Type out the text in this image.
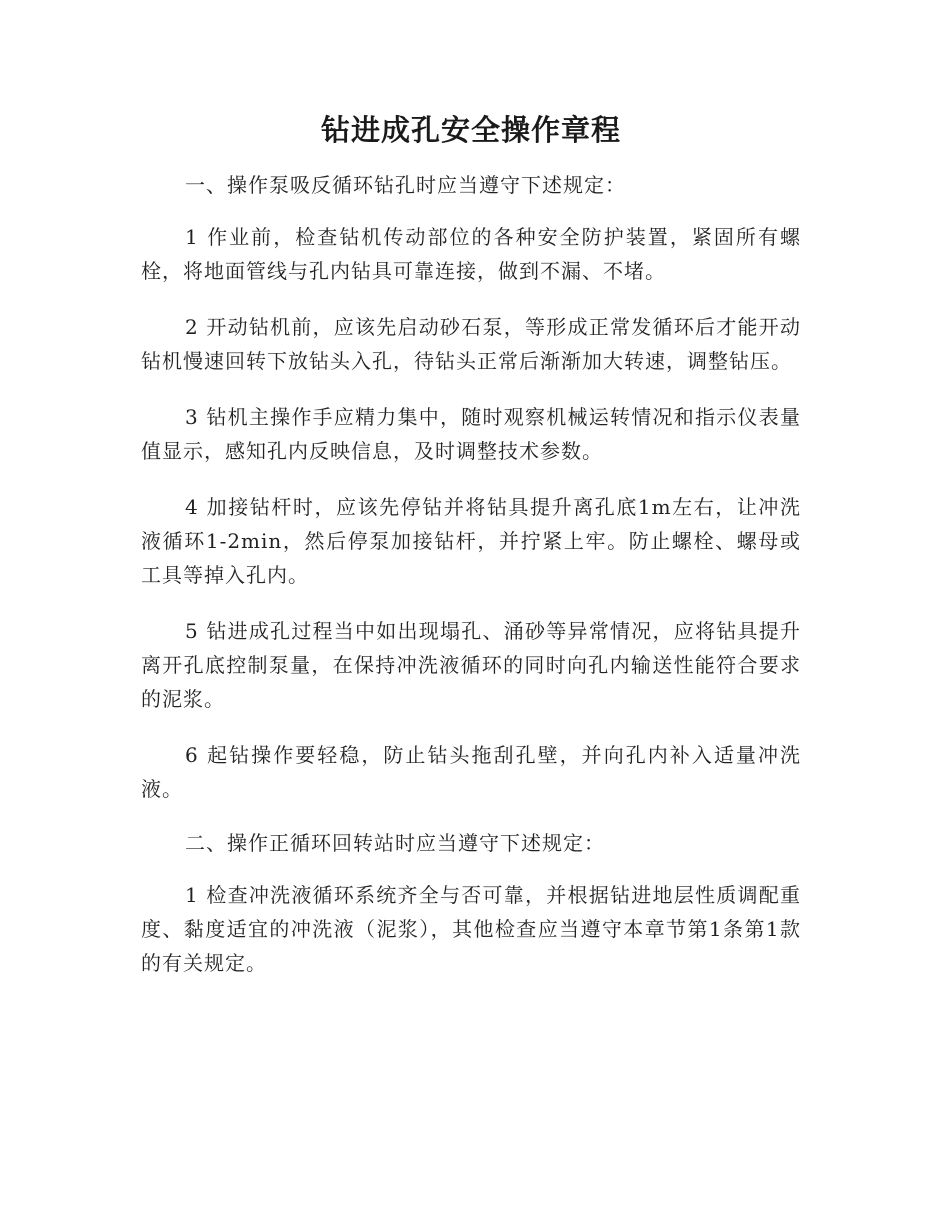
钻进成孔安全操作章程

一、操作泵吸反循环钻孔时应当遵守下述规定：

1 作业前，检查钻机传动部位的各种安全防护装置，紧固所有螺栓，将地面管线与孔内钻具可靠连接，做到不漏、不堵。

2 开动钻机前，应该先启动砂石泵，等形成正常发循环后才能开动钻机慢速回转下放钻头入孔，待钻头正常后渐渐加大转速，调整钻压。

3 钻机主操作手应精力集中，随时观察机械运转情况和指示仪表量值显示，感知孔内反映信息，及时调整技术参数。

4 加接钻杆时，应该先停钻并将钻具提升离孔底1m左右，让冲洗液循环1-2min，然后停泵加接钻杆，并拧紧上牢。防止螺栓、螺母或工具等掉入孔内。

5 钻进成孔过程当中如出现塌孔、涌砂等异常情况，应将钻具提升离开孔底控制泵量，在保持冲洗液循环的同时向孔内输送性能符合要求的泥浆。

6 起钻操作要轻稳，防止钻头拖刮孔壁，并向孔内补入适量冲洗液。

二、操作正循环回转站时应当遵守下述规定：

1 检查冲洗液循环系统齐全与否可靠，并根据钻进地层性质调配重度、黏度适宜的冲洗液（泥浆），其他检查应当遵守本章节第1条第1款的有关规定。
